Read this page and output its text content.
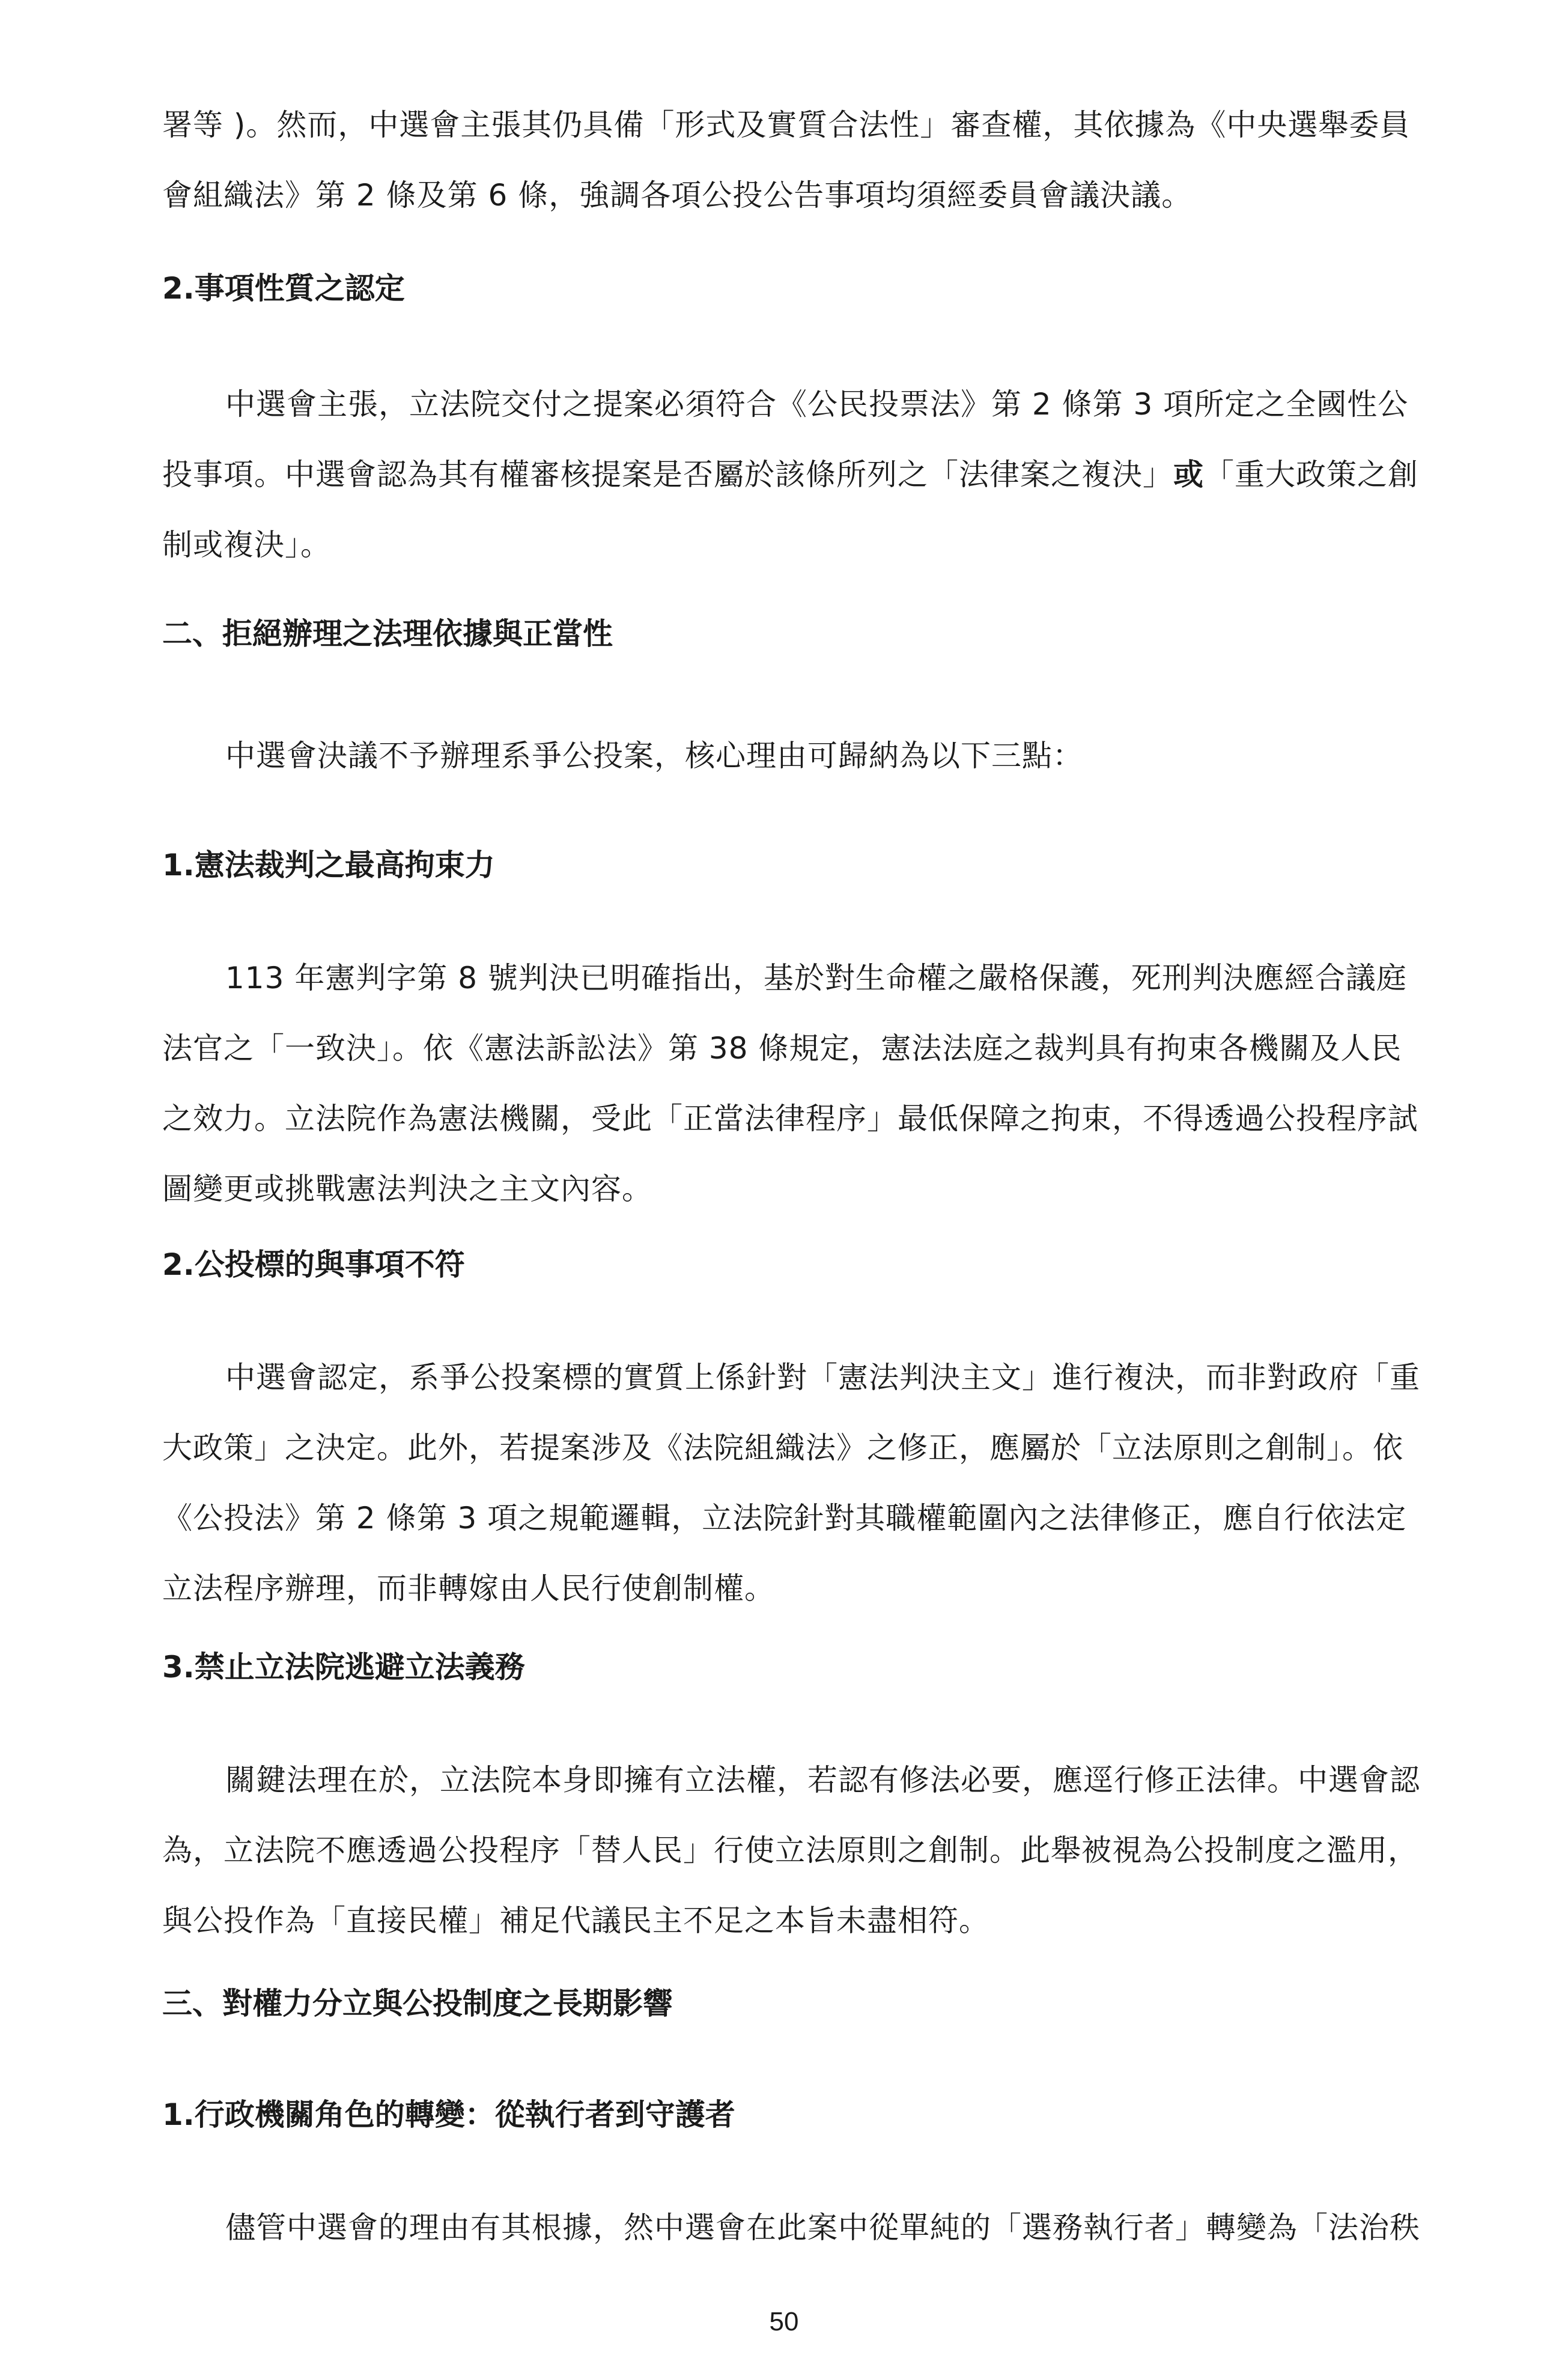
署等 )。然而，中選會主張其仍具備「形式及實質合法性」審查權，其依據為《中央選舉委員
會組織法》第 2 條及第 6 條，強調各項公投公告事項均須經委員會議決議。

2.事項性質之認定

中選會主張，立法院交付之提案必須符合《公民投票法》第 2 條第 3 項所定之全國性公
投事項。中選會認為其有權審核提案是否屬於該條所列之「法律案之複決」或「重大政策之創
制或複決」。

二、拒絕辦理之法理依據與正當性

中選會決議不予辦理系爭公投案，核心理由可歸納為以下三點：

1.憲法裁判之最高拘束力

113 年憲判字第 8 號判決已明確指出，基於對生命權之嚴格保護，死刑判決應經合議庭
法官之「一致決」。依《憲法訴訟法》第 38 條規定，憲法法庭之裁判具有拘束各機關及人民
之效力。立法院作為憲法機關，受此「正當法律程序」最低保障之拘束，不得透過公投程序試
圖變更或挑戰憲法判決之主文內容。

2.公投標的與事項不符

中選會認定，系爭公投案標的實質上係針對「憲法判決主文」進行複決，而非對政府「重
大政策」之決定。此外，若提案涉及《法院組織法》之修正，應屬於「立法原則之創制」。依
《公投法》第 2 條第 3 項之規範邏輯，立法院針對其職權範圍內之法律修正，應自行依法定
立法程序辦理，而非轉嫁由人民行使創制權。

3.禁止立法院逃避立法義務

關鍵法理在於，立法院本身即擁有立法權，若認有修法必要，應逕行修正法律。中選會認
為，立法院不應透過公投程序「替人民」行使立法原則之創制。此舉被視為公投制度之濫用，
與公投作為「直接民權」補足代議民主不足之本旨未盡相符。

三、對權力分立與公投制度之長期影響

1.行政機關角色的轉變：從執行者到守護者

儘管中選會的理由有其根據，然中選會在此案中從單純的「選務執行者」轉變為「法治秩

50
